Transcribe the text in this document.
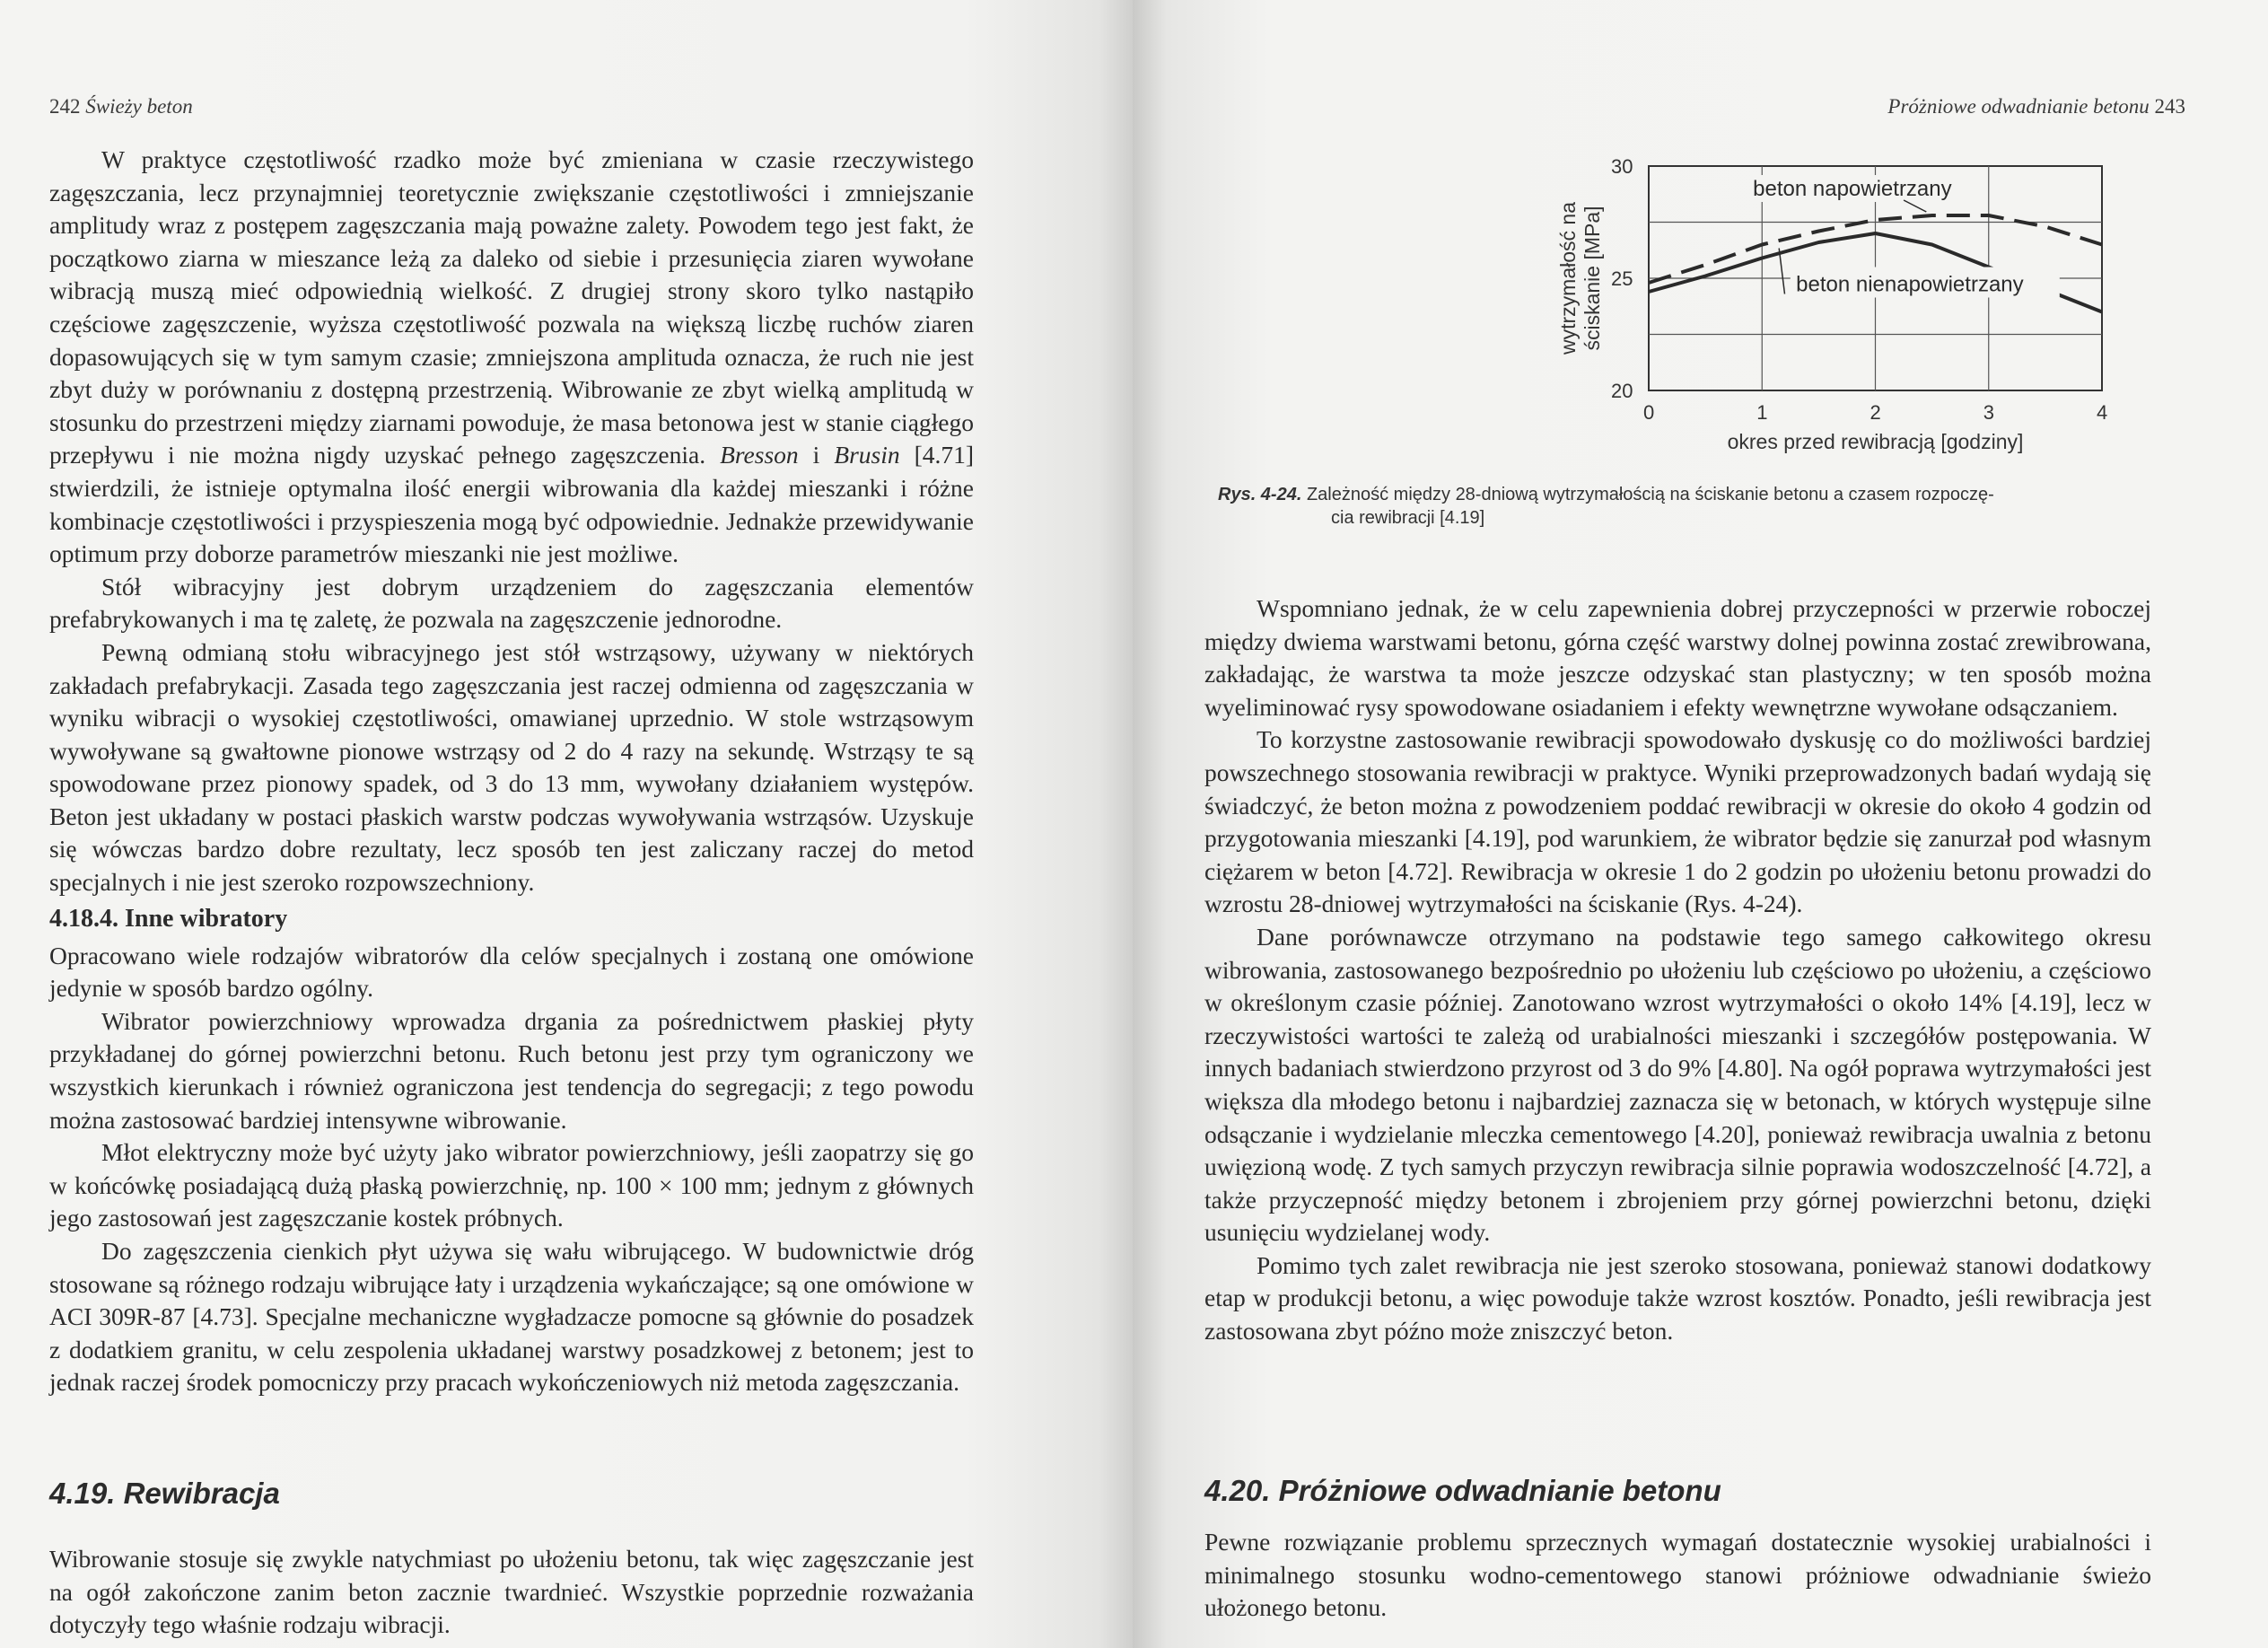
242 Świeży beton

W praktyce częstotliwość rzadko może być zmieniana w czasie rzeczywistego zagęszczania, lecz przynajmniej teoretycznie zwiększanie częstotliwości i zmniejszanie amplitudy wraz z postępem zagęszczania mają poważne zalety. Powodem tego jest fakt, że początkowo ziarna w mieszance leżą za daleko od siebie i przesunięcia ziaren wywołane wibracją muszą mieć odpowiednią wielkość. Z drugiej strony skoro tylko nastąpiło częściowe zagęszczenie, wyższa częstotliwość pozwala na większą liczbę ruchów ziaren dopasowujących się w tym samym czasie; zmniejszona amplituda oznacza, że ruch nie jest zbyt duży w porównaniu z dostępną przestrzenią. Wibrowanie ze zbyt wielką amplitudą w stosunku do przestrzeni między ziarnami powoduje, że masa betonowa jest w stanie ciągłego przepływu i nie można nigdy uzyskać pełnego zagęszczenia. Bresson i Brusin [4.71] stwierdzili, że istnieje optymalna ilość energii wibrowania dla każdej mieszanki i różne kombinacje częstotliwości i przyspieszenia mogą być odpowiednie. Jednakże przewidywanie optimum przy doborze parametrów mieszanki nie jest możliwe.

Stół wibracyjny jest dobrym urządzeniem do zagęszczania elementów prefabrykowanych i ma tę zaletę, że pozwala na zagęszczenie jednorodne.

Pewną odmianą stołu wibracyjnego jest stół wstrząsowy, używany w niektórych zakładach prefabrykacji. Zasada tego zagęszczania jest raczej odmienna od zagęszczania w wyniku wibracji o wysokiej częstotliwości, omawianej uprzednio. W stole wstrząsowym wywoływane są gwałtowne pionowe wstrząsy od 2 do 4 razy na sekundę. Wstrząsy te są spowodowane przez pionowy spadek, od 3 do 13 mm, wywołany działaniem występów. Beton jest układany w postaci płaskich warstw podczas wywoływania wstrząsów. Uzyskuje się wówczas bardzo dobre rezultaty, lecz sposób ten jest zaliczany raczej do metod specjalnych i nie jest szeroko rozpowszechniony.

4.18.4. Inne wibratory

Opracowano wiele rodzajów wibratorów dla celów specjalnych i zostaną one omówione jedynie w sposób bardzo ogólny.

Wibrator powierzchniowy wprowadza drgania za pośrednictwem płaskiej płyty przykładanej do górnej powierzchni betonu. Ruch betonu jest przy tym ograniczony we wszystkich kierunkach i również ograniczona jest tendencja do segregacji; z tego powodu można zastosować bardziej intensywne wibrowanie.

Młot elektryczny może być użyty jako wibrator powierzchniowy, jeśli zaopatrzy się go w końcówkę posiadającą dużą płaską powierzchnię, np. 100 × 100 mm; jednym z głównych jego zastosowań jest zagęszczanie kostek próbnych.

Do zagęszczenia cienkich płyt używa się wału wibrującego. W budownictwie dróg stosowane są różnego rodzaju wibrujące łaty i urządzenia wykańczające; są one omówione w ACI 309R-87 [4.73]. Specjalne mechaniczne wygładzacze pomocne są głównie do posadzek z dodatkiem granitu, w celu zespolenia układanej warstwy posadzkowej z betonem; jest to jednak raczej środek pomocniczy przy pracach wykończeniowych niż metoda zagęszczania.

4.19. Rewibracja

Wibrowanie stosuje się zwykle natychmiast po ułożeniu betonu, tak więc zagęszczanie jest na ogół zakończone zanim beton zacznie twardnieć. Wszystkie poprzednie rozważania dotyczyły tego właśnie rodzaju wibracji.

Próżniowe odwadnianie betonu 243
0	1	2	3	4
20
25
30
okres przed rewibracją [godziny]
wytrzymałość na ściskanie [MPa]
beton napowietrzany
beton nienapowietrzany
Rys. 4-24. Zależność między 28-dniową wytrzymałością na ściskanie betonu a czasem rozpoczę-
cia rewibracji [4.19]

Wspomniano jednak, że w celu zapewnienia dobrej przyczepności w przerwie roboczej między dwiema warstwami betonu, górna część warstwy dolnej powinna zostać zrewibrowana, zakładając, że warstwa ta może jeszcze odzyskać stan plastyczny; w ten sposób można wyeliminować rysy spowodowane osiadaniem i efekty wewnętrzne wywołane odsączaniem.

To korzystne zastosowanie rewibracji spowodowało dyskusję co do możliwości bardziej powszechnego stosowania rewibracji w praktyce. Wyniki przeprowadzonych badań wydają się świadczyć, że beton można z powodzeniem poddać rewibracji w okresie do około 4 godzin od przygotowania mieszanki [4.19], pod warunkiem, że wibrator będzie się zanurzał pod własnym ciężarem w beton [4.72]. Rewibracja w okresie 1 do 2 godzin po ułożeniu betonu prowadzi do wzrostu 28-dniowej wytrzymałości na ściskanie (Rys. 4-24).

Dane porównawcze otrzymano na podstawie tego samego całkowitego okresu wibrowania, zastosowanego bezpośrednio po ułożeniu lub częściowo po ułożeniu, a częściowo w określonym czasie później. Zanotowano wzrost wytrzymałości o około 14% [4.19], lecz w rzeczywistości wartości te zależą od urabialności mieszanki i szczegółów postępowania. W innych badaniach stwierdzono przyrost od 3 do 9% [4.80]. Na ogół poprawa wytrzymałości jest większa dla młodego betonu i najbardziej zaznacza się w betonach, w których występuje silne odsączanie i wydzielanie mleczka cementowego [4.20], ponieważ rewibracja uwalnia z betonu uwięzioną wodę. Z tych samych przyczyn rewibracja silnie poprawia wodoszczelność [4.72], a także przyczepność między betonem i zbrojeniem przy górnej powierzchni betonu, dzięki usunięciu wydzielanej wody.

Pomimo tych zalet rewibracja nie jest szeroko stosowana, ponieważ stanowi dodatkowy etap w produkcji betonu, a więc powoduje także wzrost kosztów. Ponadto, jeśli rewibracja jest zastosowana zbyt późno może zniszczyć beton.

4.20. Próżniowe odwadnianie betonu

Pewne rozwiązanie problemu sprzecznych wymagań dostatecznie wysokiej urabialności i minimalnego stosunku wodno-cementowego stanowi próżniowe odwadnianie świeżo ułożonego betonu.
